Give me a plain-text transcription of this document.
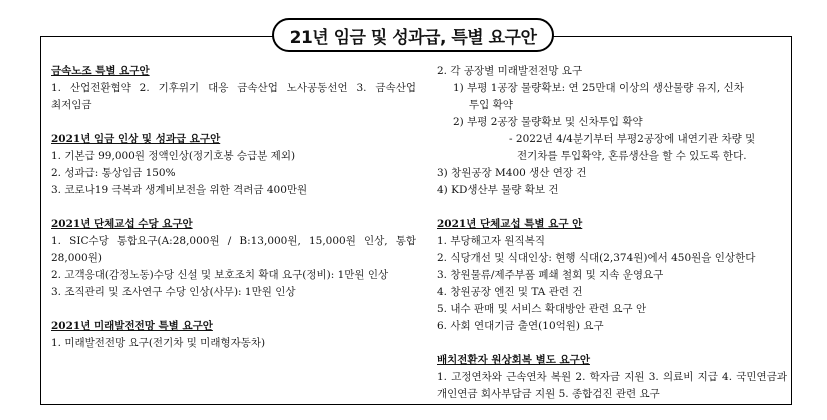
21년 임금 및 성과급, 특별 요구안

금속노조 특별 요구안

1. 산업전환협약 2. 기후위기 대응 금속산업 노사공동선언 3. 금속산업

최저임금

2021년 임금 인상 및 성과급 요구안

1. 기본급 99,000원 정액인상(정기호봉 승급분 제외)

2. 성과급: 통상임금 150%

3. 코로나19 극복과 생계비보전을 위한 격려금 400만원

2021년 단체교섭 수당 요구안

1. SIC수당 통합요구(A:28,000원 / B:13,000원, 15,000원 인상, 통합

28,000원)

2. 고객응대(감정노동)수당 신설 및 보호조치 확대 요구(정비): 1만원 인상

3. 조직관리 및 조사연구 수당 인상(사무): 1만원 인상

2021년 미래발전전망 특별 요구안

1. 미래발전전망 요구(전기차 및 미래형자동차)

2. 각 공장별 미래발전전망 요구

1) 부평 1공장 물량확보: 연 25만대 이상의 생산물량 유지, 신차

투입 확약

2) 부평 2공장 물량확보 및 신차투입 확약

- 2022년 4/4분기부터 부평2공장에 내연기관 차량 및

전기차를 투입확약, 혼류생산을 할 수 있도록 한다.

3) 창원공장 M400 생산 연장 건

4) KD생산부 물량 확보 건

2021년 단체교섭 특별 요구 안

1. 부당해고자 원직복직

2. 식당개선 및 식대인상: 현행 식대(2,374원)에서 450원을 인상한다

3. 창원물류/제주부품 폐쇄 철회 및 지속 운영요구

4. 창원공장 엔진 및 TA 관련 건

5. 내수 판매 및 서비스 확대방안 관련 요구 안

6. 사회 연대기금 출연(10억원) 요구

배치전환자 원상회복 별도 요구안

1. 고정연차와 근속연차 복원 2. 학자금 지원 3. 의료비 지급 4. 국민연금과

개인연금 회사부담금 지원 5. 종합검진 관련 요구
